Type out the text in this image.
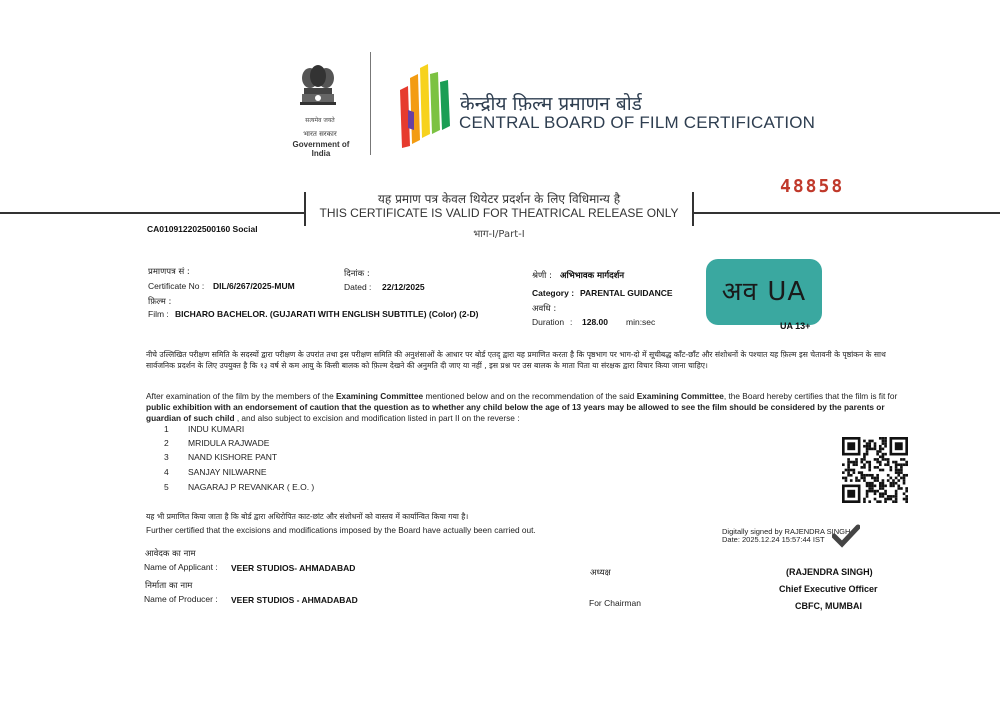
सत्यमेव जयते
भारत सरकार
Government of India
केन्द्रीय फ़िल्म प्रमाणन बोर्ड
CENTRAL BOARD OF FILM CERTIFICATION
48858
यह प्रमाण पत्र केवल थियेटर प्रदर्शन के लिए विधिमान्य है
THIS CERTIFICATE IS VALID FOR THEATRICAL RELEASE ONLY
भाग-I/Part-I
CA010912202500160 Social
प्रमाणपत्र सं :
Certificate No : DIL/6/267/2025-MUM
दिनांक :
Dated : 22/12/2025
फ़िल्म :
Film : BICHARO BACHELOR. (GUJARATI WITH ENGLISH SUBTITLE) (Color) (2-D)
श्रेणी : अभिभावक मार्गदर्शन
Category : PARENTAL GUIDANCE
अवधि :
Duration : 128.00 min:sec
अव UA
UA 13+
नीचे उल्लिखित परीक्षण समिति के सदस्यों द्वारा परीक्षण के उपरांत तथा इस परीक्षण समिति की अनुशंसाओं के आधार पर बोर्ड एतद् द्वारा यह प्रमाणित करता है कि पृष्ठभाग पर भाग-दो में सूचीबद्ध काँट-छाँट और संशोधनों के पश्चात यह फ़िल्म इस चेतावनी के पृष्ठांकन के साथ सार्वजनिक प्रदर्शन के लिए उपयुक्त है कि १३ वर्ष से कम आयु के किसी बालक को फ़िल्म देखने की अनुमति दी जाए या नहीं , इस प्रश्न पर उस बालक के माता पिता या संरक्षक द्वारा विचार किया जाना चाहिए।
After examination of the film by the members of the Examining Committee mentioned below and on the recommendation of the said Examining Committee, the Board hereby certifies that the film is fit for public exhibition with an endorsement of caution that the question as to whether any child below the age of 13 years may be allowed to see the film should be considered by the parents or guardian of such child , and also subject to excision and modification listed in part II on the reverse :
1	INDU KUMARI
2	MRIDULA RAJWADE
3	NAND KISHORE PANT
4	SANJAY NILWARNE
5	NAGARAJ P REVANKAR ( E.O. )
यह भी प्रमाणित किया जाता है कि बोर्ड द्वारा अधिरोपित काट-छांट और संशोधनों को वास्तव में कार्यान्वित किया गया है।
Further certified that the excisions and modifications imposed by the Board have actually been carried out.	Digitally signed by RAJENDRA SINGH
Date: 2025.12.24 15:57:44 IST
आवेदक का नाम
Name of Applicant : VEER STUDIOS- AHMADABAD
निर्माता का नाम
Name of Producer : VEER STUDIOS - AHMADABAD
अध्यक्ष
For Chairman
(RAJENDRA SINGH)
Chief Executive Officer
CBFC, MUMBAI
